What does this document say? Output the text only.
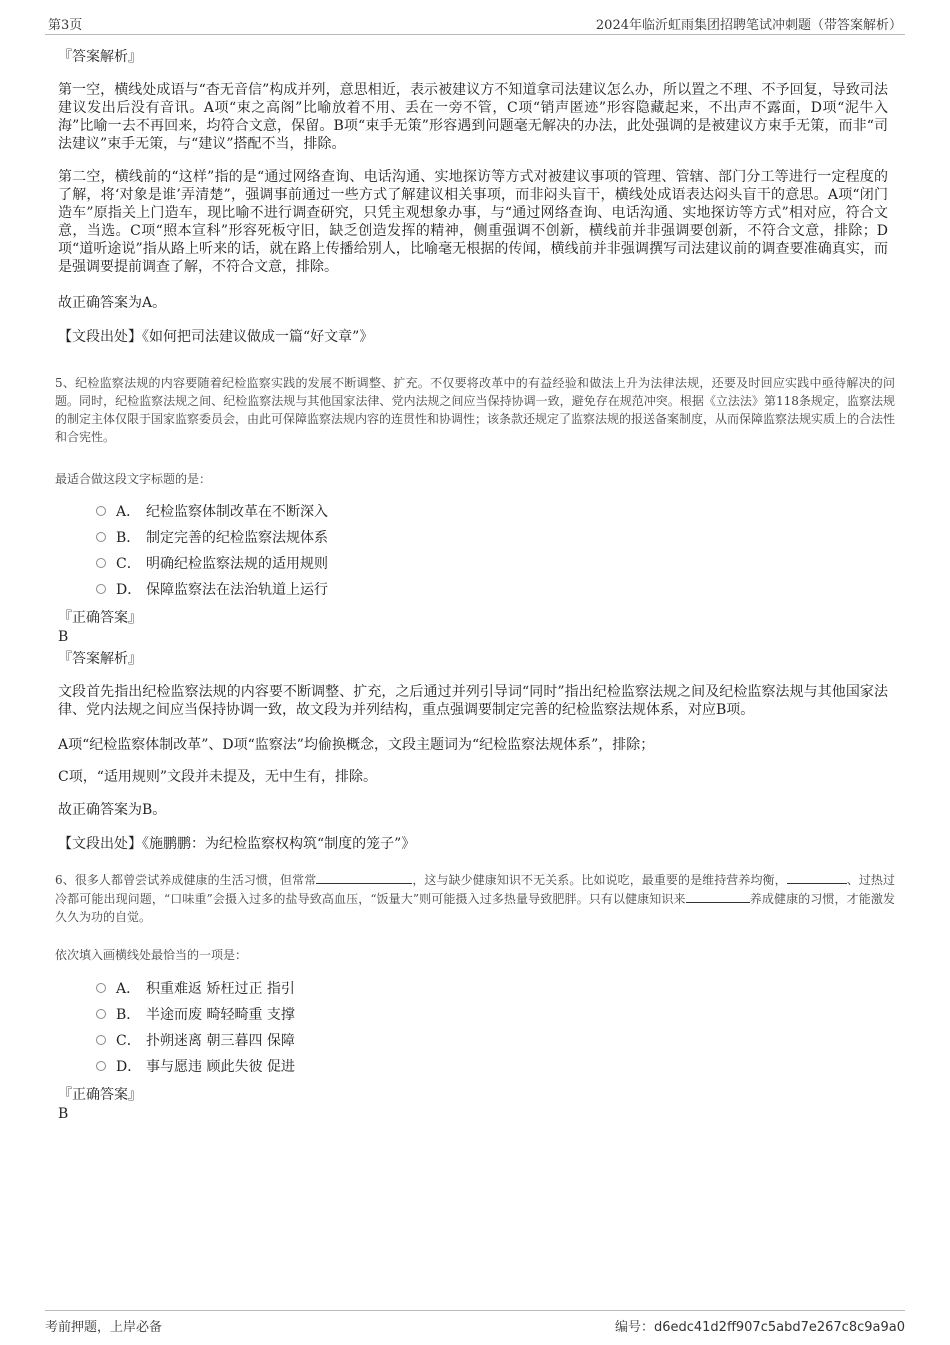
第3页	2024年临沂虹雨集团招聘笔试冲刺题（带答案解析）
『答案解析』
第一空，横线处成语与“杳无音信”构成并列，意思相近，表示被建议方不知道拿司法建议怎么办，所以置之不理、不予回复，导致司法建议发出后没有音讯。A项“束之高阁”比喻放着不用、丢在一旁不管，C项“销声匿迹”形容隐藏起来，不出声不露面，D项“泥牛入海”比喻一去不再回来，均符合文意，保留。B项“束手无策”形容遇到问题毫无解决的办法，此处强调的是被建议方束手无策，而非“司法建议”束手无策，与“建议”搭配不当，排除。
第二空，横线前的“这样”指的是“通过网络查询、电话沟通、实地探访等方式对被建议事项的管理、管辖、部门分工等进行一定程度的了解，将‘对象是谁’弄清楚”，强调事前通过一些方式了解建议相关事项，而非闷头盲干，横线处成语表达闷头盲干的意思。A项“闭门造车”原指关上门造车，现比喻不进行调查研究，只凭主观想象办事，与“通过网络查询、电话沟通、实地探访等方式”相对应，符合文意，当选。C项“照本宣科”形容死板守旧，缺乏创造发挥的精神，侧重强调不创新，横线前并非强调要创新，不符合文意，排除；D项“道听途说”指从路上听来的话，就在路上传播给别人，比喻毫无根据的传闻，横线前并非强调撰写司法建议前的调查要准确真实，而是强调要提前调查了解，不符合文意，排除。
故正确答案为A。
【文段出处】《如何把司法建议做成一篇“好文章”》
5、纪检监察法规的内容要随着纪检监察实践的发展不断调整、扩充。不仅要将改革中的有益经验和做法上升为法律法规，还要及时回应实践中亟待解决的问题。同时，纪检监察法规之间、纪检监察法规与其他国家法律、党内法规之间应当保持协调一致，避免存在规范冲突。根据《立法法》第118条规定，监察法规的制定主体仅限于国家监察委员会，由此可保障监察法规内容的连贯性和协调性；该条款还规定了监察法规的报送备案制度，从而保障监察法规实质上的合法性和合宪性。
最适合做这段文字标题的是：
A． 纪检监察体制改革在不断深入
B． 制定完善的纪检监察法规体系
C． 明确纪检监察法规的适用规则
D． 保障监察法在法治轨道上运行
『正确答案』
B
『答案解析』
文段首先指出纪检监察法规的内容要不断调整、扩充，之后通过并列引导词“同时”指出纪检监察法规之间及纪检监察法规与其他国家法律、党内法规之间应当保持协调一致，故文段为并列结构，重点强调要制定完善的纪检监察法规体系，对应B项。
A项“纪检监察体制改革”、D项“监察法”均偷换概念，文段主题词为“纪检监察法规体系”，排除；
C项，“适用规则”文段并未提及，无中生有，排除。
故正确答案为B。
【文段出处】《施鹏鹏：为纪检监察权构筑“制度的笼子”》
6、很多人都曾尝试养成健康的生活习惯，但常常	，这与缺少健康知识不无关系。比如说吃，最重要的是维持营养均衡，	、过热过冷都可能出现问题，“口味重”会摄入过多的盐导致高血压，“饭量大”则可能摄入过多热量导致肥胖。只有以健康知识来	养成健康的习惯，才能激发久久为功的自觉。
依次填入画横线处最恰当的一项是：
A． 积重难返 矫枉过正 指引
B． 半途而废 畸轻畸重 支撑
C． 扑朔迷离 朝三暮四 保障
D． 事与愿违 顾此失彼 促进
『正确答案』
B
考前押题，上岸必备	编号：d6edc41d2ff907c5abd7e267c8c9a9a0
